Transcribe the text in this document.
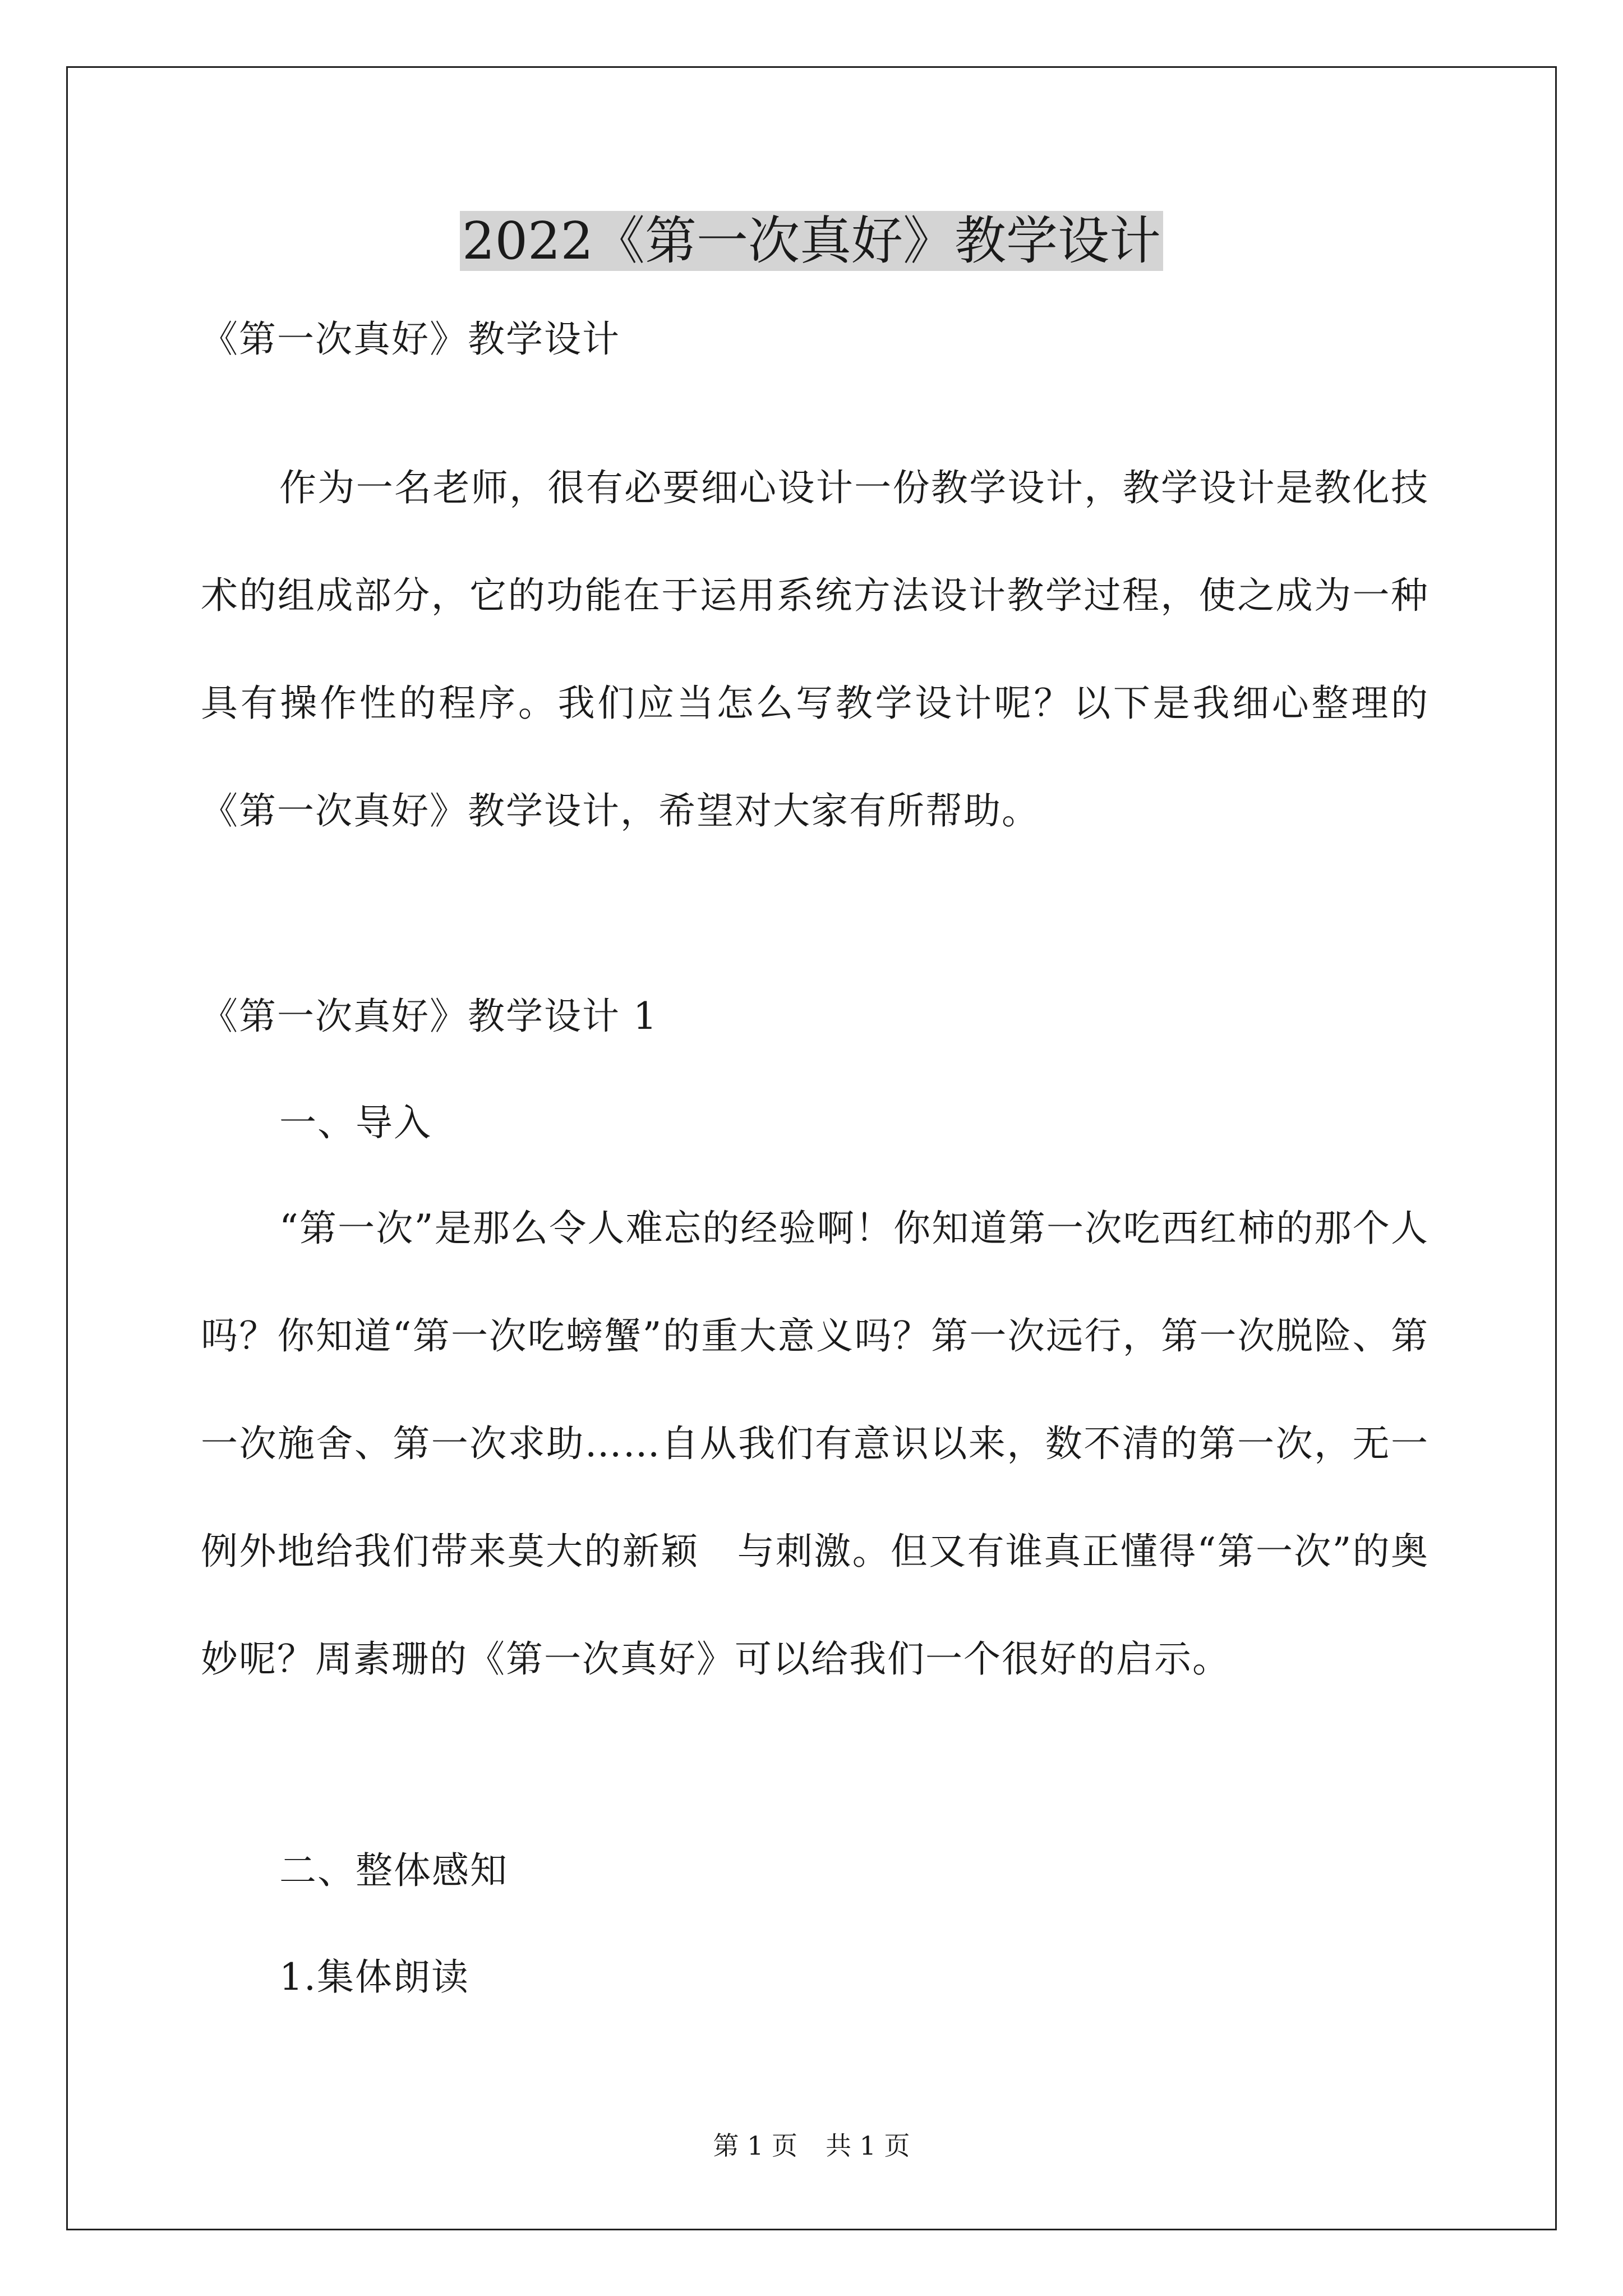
2022《第一次真好》教学设计

《第一次真好》教学设计

作为一名老师，很有必要细心设计一份教学设计，教学设计是教化技术的组成部分，它的功能在于运用系统方法设计教学过程，使之成为一种具有操作性的程序。我们应当怎么写教学设计呢？以下是我细心整理的《第一次真好》教学设计，希望对大家有所帮助。

《第一次真好》教学设计 1

一、导入

“第一次”是那么令人难忘的经验啊！你知道第一次吃西红柿的那个人吗？你知道“第一次吃螃蟹”的重大意义吗？第一次远行，第一次脱险、第一次施舍、第一次求助……自从我们有意识以来，数不清的第一次，无一例外地给我们带来莫大的新颖　与刺激。但又有谁真正懂得“第一次”的奥妙呢？周素珊的《第一次真好》可以给我们一个很好的启示。

二、整体感知

1.集体朗读

第 1 页 共 1 页
